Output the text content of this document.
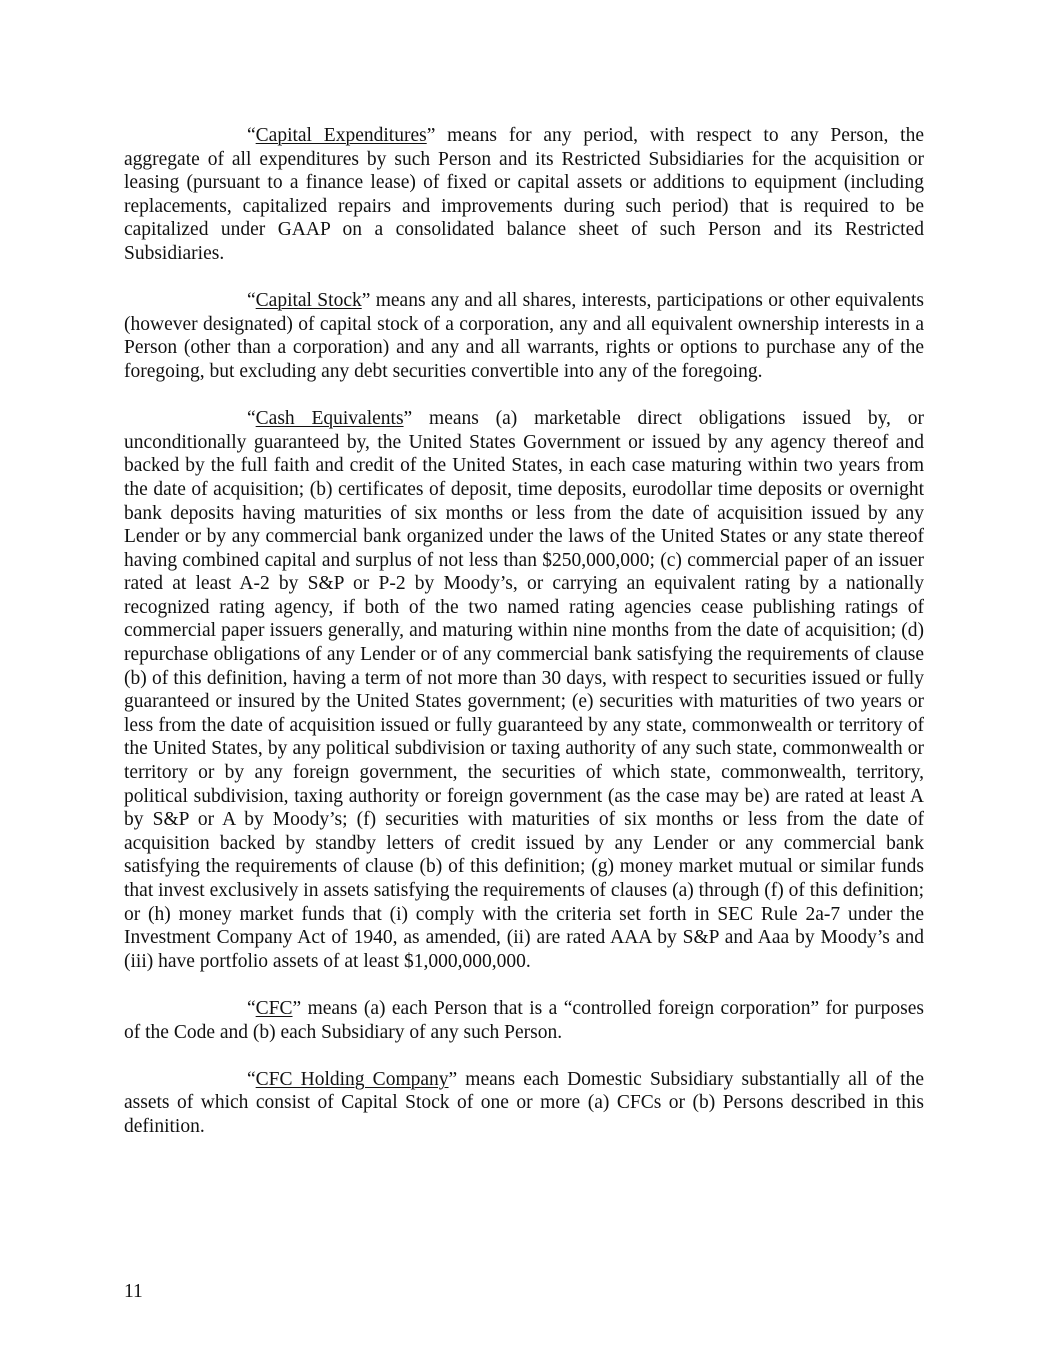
“Capital Expenditures” means for any period, with respect to any Person, the aggregate of all expenditures by such Person and its Restricted Subsidiaries for the acquisition or leasing (pursuant to a finance lease) of fixed or capital assets or additions to equipment (including replacements, capitalized repairs and improvements during such period) that is required to be capitalized under GAAP on a consolidated balance sheet of such Person and its Restricted Subsidiaries.

“Capital Stock” means any and all shares, interests, participations or other equivalents (however designated) of capital stock of a corporation, any and all equivalent ownership interests in a Person (other than a corporation) and any and all warrants, rights or options to purchase any of the foregoing, but excluding any debt securities convertible into any of the foregoing.

“Cash Equivalents” means (a) marketable direct obligations issued by, or unconditionally guaranteed by, the United States Government or issued by any agency thereof and backed by the full faith and credit of the United States, in each case maturing within two years from the date of acquisition; (b) certificates of deposit, time deposits, eurodollar time deposits or overnight bank deposits having maturities of six months or less from the date of acquisition issued by any Lender or by any commercial bank organized under the laws of the United States or any state thereof having combined capital and surplus of not less than $250,000,000; (c) commercial paper of an issuer rated at least A-2 by S&P or P-2 by Moody’s, or carrying an equivalent rating by a nationally recognized rating agency, if both of the two named rating agencies cease publishing ratings of commercial paper issuers generally, and maturing within nine months from the date of acquisition; (d) repurchase obligations of any Lender or of any commercial bank satisfying the requirements of clause (b) of this definition, having a term of not more than 30 days, with respect to securities issued or fully guaranteed or insured by the United States government; (e) securities with maturities of two years or less from the date of acquisition issued or fully guaranteed by any state, commonwealth or territory of the United States, by any political subdivision or taxing authority of any such state, commonwealth or territory or by any foreign government, the securities of which state, commonwealth, territory, political subdivision, taxing authority or foreign government (as the case may be) are rated at least A by S&P or A by Moody’s; (f) securities with maturities of six months or less from the date of acquisition backed by standby letters of credit issued by any Lender or any commercial bank satisfying the requirements of clause (b) of this definition; (g) money market mutual or similar funds that invest exclusively in assets satisfying the requirements of clauses (a) through (f) of this definition; or (h) money market funds that (i) comply with the criteria set forth in SEC Rule 2a-7 under the Investment Company Act of 1940, as amended, (ii) are rated AAA by S&P and Aaa by Moody’s and (iii) have portfolio assets of at least $1,000,000,000.

“CFC” means (a) each Person that is a “controlled foreign corporation” for purposes of the Code and (b) each Subsidiary of any such Person.

“CFC Holding Company” means each Domestic Subsidiary substantially all of the assets of which consist of Capital Stock of one or more (a) CFCs or (b) Persons described in this definition.

11
